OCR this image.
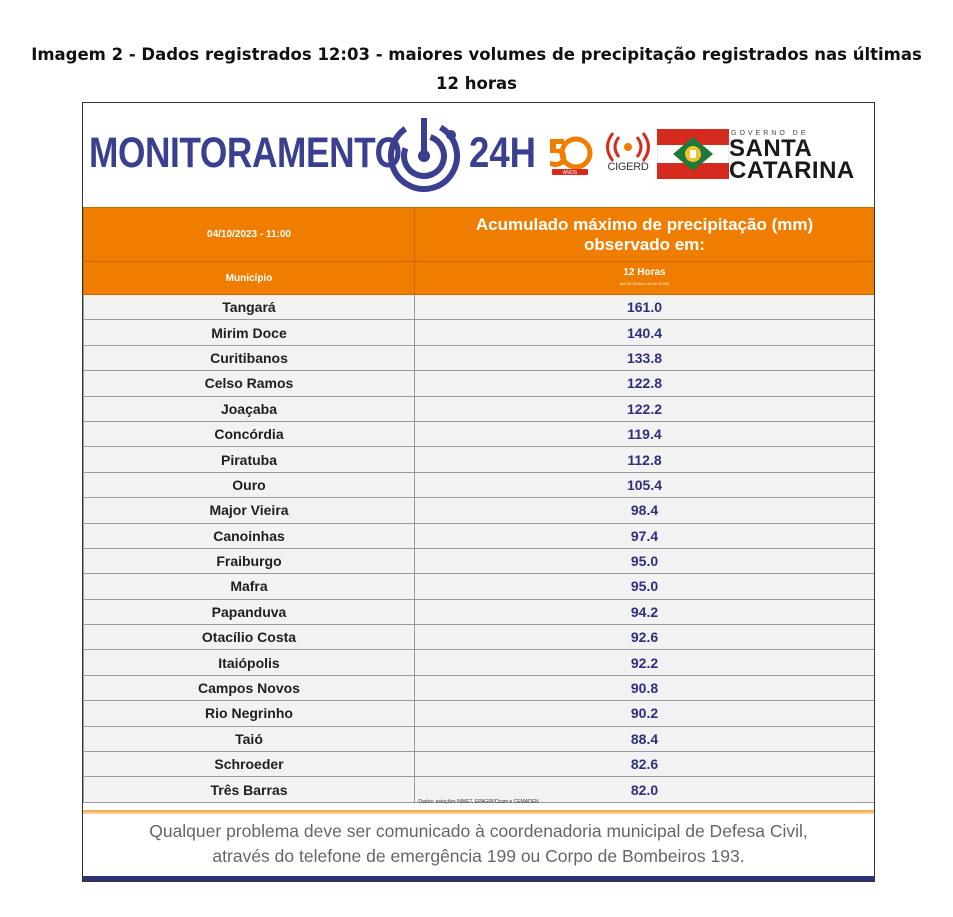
Imagem 2 - Dados registrados 12:03 - maiores volumes de precipitação registrados nas últimas
12 horas
MONITORAMENTO 24H	ANOS	CIGERD
GOVERNO DE
SANTA
CATARINA
04/10/2023 - 11:00	Acumulado máximo de precipitação (mm)
observado em:

Município	12 Horas
(do 03 23:00 a do 04 11:00)

Tangará	161.0
Mirim Doce	140.4
Curitibanos	133.8
Celso Ramos	122.8
Joaçaba	122.2
Concórdia	119.4
Piratuba	112.8
Ouro	105.4
Major Vieira	98.4
Canoinhas	97.4
Fraiburgo	95.0
Mafra	95.0
Papanduva	94.2
Otacílio Costa	92.6
Itaiópolis	92.2
Campos Novos	90.8
Rio Negrinho	90.2
Taió	88.4
Schroeder	82.6
Três Barras	82.0
Dados: estações INMET, EPAGRI/Ciram e CEMADEN
Qualquer problema deve ser comunicado à coordenadoria municipal de Defesa Civil,
através do telefone de emergência 199 ou Corpo de Bombeiros 193.
